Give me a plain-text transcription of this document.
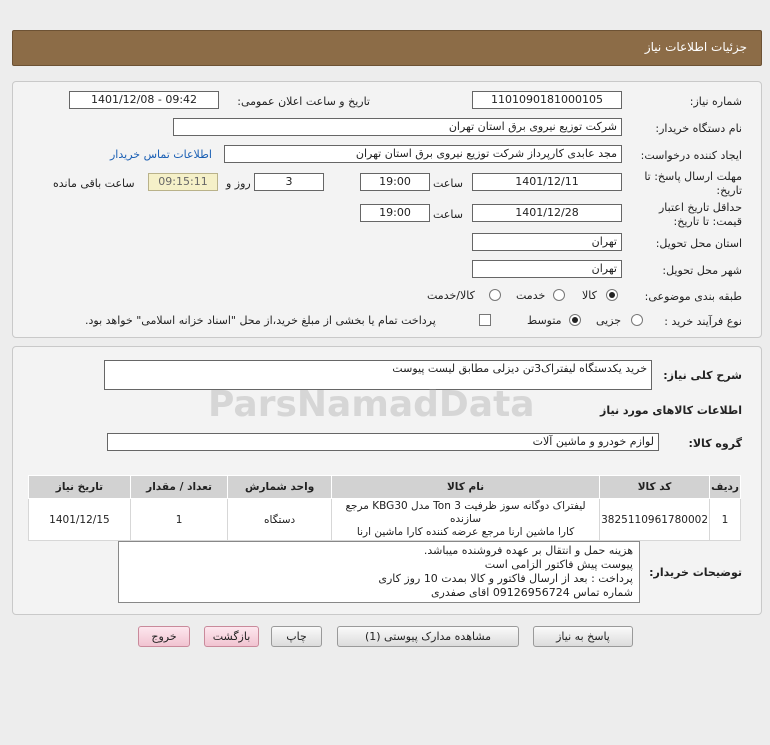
جزئیات اطلاعات نیاز
شماره نیاز:
1101090181000105
تاریخ و ساعت اعلان عمومی:
1401/12/08 - 09:42
نام دستگاه خریدار:
شرکت توزیع نیروی برق استان تهران
ایجاد کننده درخواست:
مجد عابدی کارپرداز شرکت توزیع نیروی برق استان تهران
اطلاعات تماس خریدار
مهلت ارسال پاسخ: تا
تاریخ:
1401/12/11
ساعت
19:00
3
روز و
09:15:11
ساعت باقی مانده
حداقل تاریخ اعتبار
قیمت: تا تاریخ:
1401/12/28
ساعت
19:00
استان محل تحویل:
تهران
شهر محل تحویل:
تهران
طبقه بندی موضوعی:
کالا
خدمت
کالا/خدمت
نوع فرآیند خرید :
جزیی
متوسط
پرداخت تمام یا بخشی از مبلغ خرید،از محل "اسناد خزانه اسلامی" خواهد بود.
شرح کلی نیاز:
خرید یکدستگاه لیفتراک3تن دیزلی مطابق لیست پیوست
اطلاعات کالاهای مورد نیاز
گروه کالا:
لوازم خودرو و ماشین آلات
ردیف	کد کالا	نام کالا	واحد شمارش	تعداد / مقدار	تاریخ نیاز
1	3825110961780002	لیفتراک دوگانه سوز ظرفیت 3 Ton مدل KBG30 مرجع سازنده
کارا ماشین ارنا مرجع عرضه کننده کارا ماشین ارنا	دستگاه	1	1401/12/15
توضیحات خریدار:
هزینه حمل و انتقال بر عهده فروشنده میباشد.
پیوست پیش فاکتور الزامی است
پرداخت : بعد از ارسال فاکتور و کالا بمدت 10 روز کاری
شماره تماس 09126956724 اقای صفدری
پاسخ به نیاز
مشاهده مدارک پیوستی (1)
چاپ
بازگشت
خروج
ParsNamadData
